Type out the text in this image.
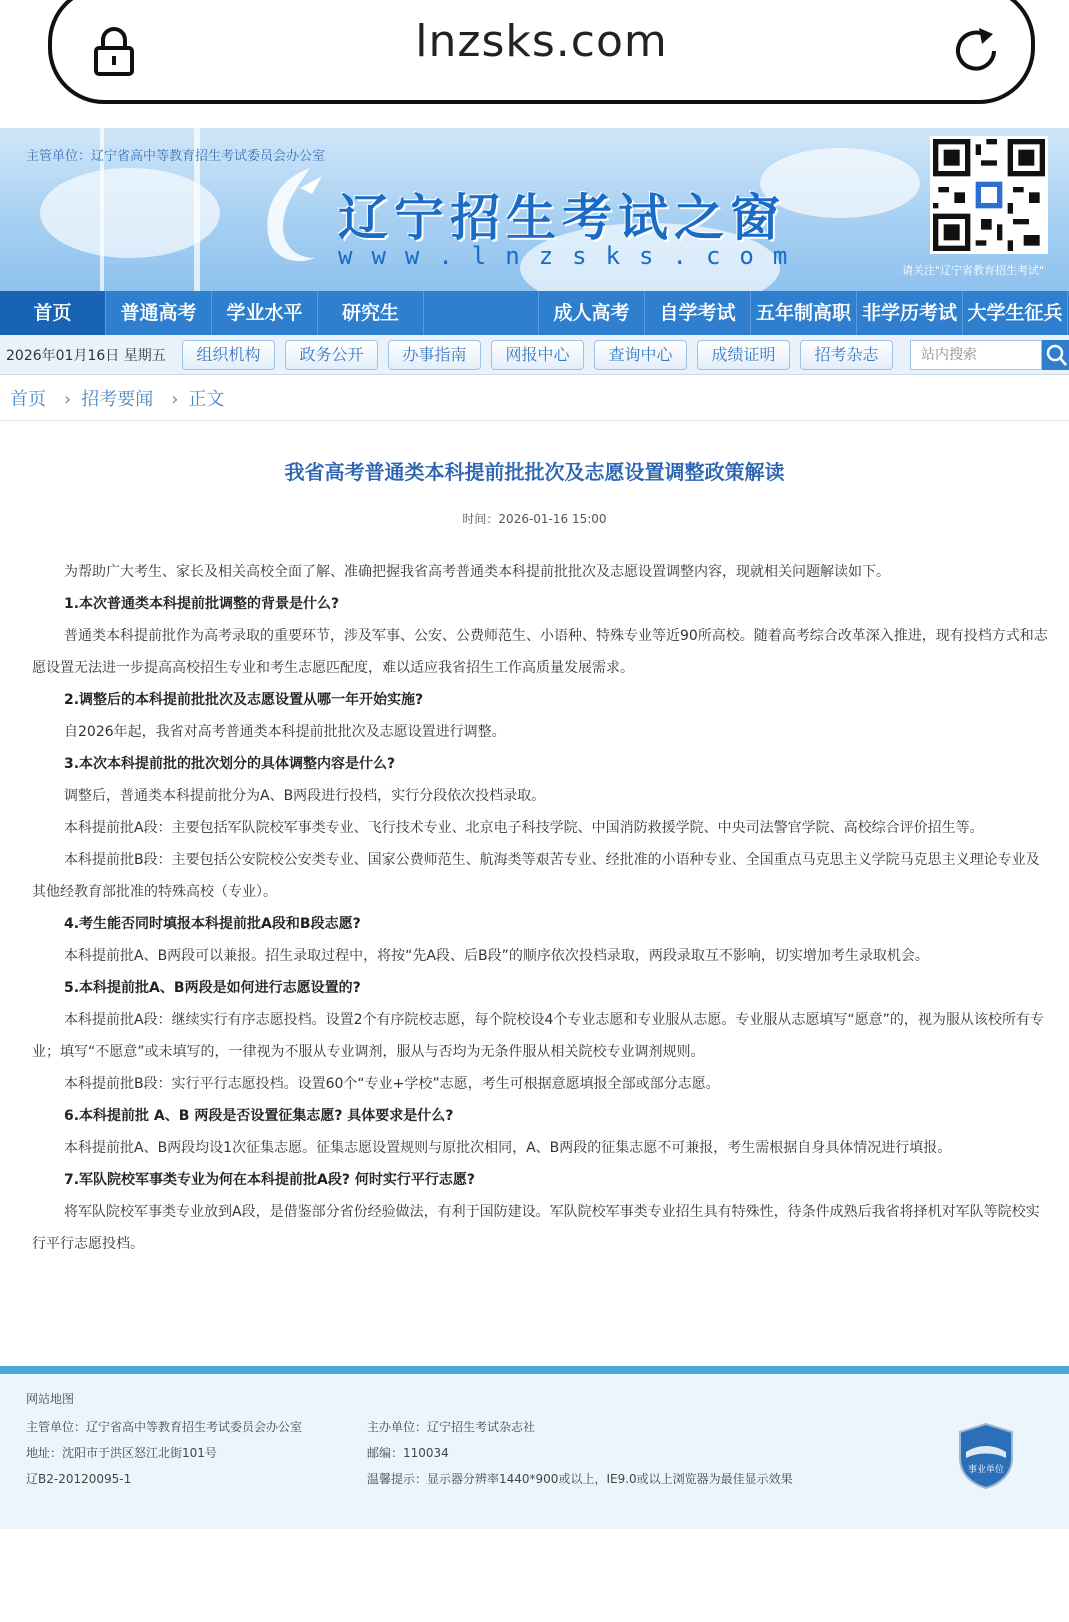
lnzsks.com
主管单位：辽宁省高中等教育招生考试委员会办公室
辽宁招生考试之窗
www.lnzsks.com
请关注"辽宁省教育招生考试"
首页	普通高考	学业水平	研究生	成人高考	自学考试	五年制高职 非学历考试 大学生征兵
2026年01月16日 星期五	组织机构	政务公开	办事指南	网报中心	查询中心	成绩证明	招考杂志	站内搜索
首页 › 招考要闻 › 正文
我省高考普通类本科提前批批次及志愿设置调整政策解读
时间：2026-01-16 15:00

为帮助广大考生、家长及相关高校全面了解、准确把握我省高考普通类本科提前批批次及志愿设置调整内容，现就相关问题解读如下。

1.本次普通类本科提前批调整的背景是什么?

普通类本科提前批作为高考录取的重要环节，涉及军事、公安、公费师范生、小语种、特殊专业等近90所高校。随着高考综合改革深入推进，现有投档方式和志愿设置无法进一步提高高校招生专业和考生志愿匹配度，难以适应我省招生工作高质量发展需求。

2.调整后的本科提前批批次及志愿设置从哪一年开始实施?

自2026年起，我省对高考普通类本科提前批批次及志愿设置进行调整。

3.本次本科提前批的批次划分的具体调整内容是什么?

调整后，普通类本科提前批分为A、B两段进行投档，实行分段依次投档录取。

本科提前批A段：主要包括军队院校军事类专业、飞行技术专业、北京电子科技学院、中国消防救援学院、中央司法警官学院、高校综合评价招生等。

本科提前批B段：主要包括公安院校公安类专业、国家公费师范生、航海类等艰苦专业、经批准的小语种专业、全国重点马克思主义学院马克思主义理论专业及其他经教育部批准的特殊高校（专业）。

4.考生能否同时填报本科提前批A段和B段志愿?

本科提前批A、B两段可以兼报。招生录取过程中，将按“先A段、后B段”的顺序依次投档录取，两段录取互不影响，切实增加考生录取机会。

5.本科提前批A、B两段是如何进行志愿设置的?

本科提前批A段：继续实行有序志愿投档。设置2个有序院校志愿，每个院校设4个专业志愿和专业服从志愿。专业服从志愿填写“愿意”的，视为服从该校所有专业；填写“不愿意”或未填写的，一律视为不服从专业调剂，服从与否均为无条件服从相关院校专业调剂规则。

本科提前批B段：实行平行志愿投档。设置60个“专业+学校”志愿，考生可根据意愿填报全部或部分志愿。

6.本科提前批 A、B 两段是否设置征集志愿? 具体要求是什么?

本科提前批A、B两段均设1次征集志愿。征集志愿设置规则与原批次相同，A、B两段的征集志愿不可兼报，考生需根据自身具体情况进行填报。

7.军队院校军事类专业为何在本科提前批A段? 何时实行平行志愿?

将军队院校军事类专业放到A段，是借鉴部分省份经验做法，有利于国防建设。军队院校军事类专业招生具有特殊性，待条件成熟后我省将择机对军队等院校实行平行志愿投档。

网站地图
主管单位：辽宁省高中等教育招生考试委员会办公室
地址：沈阳市于洪区怒江北街101号
辽B2-20120095-1
主办单位：辽宁招生考试杂志社
邮编：110034
温馨提示：显示器分辨率1440*900或以上，IE9.0或以上浏览器为最佳显示效果
事业单位
